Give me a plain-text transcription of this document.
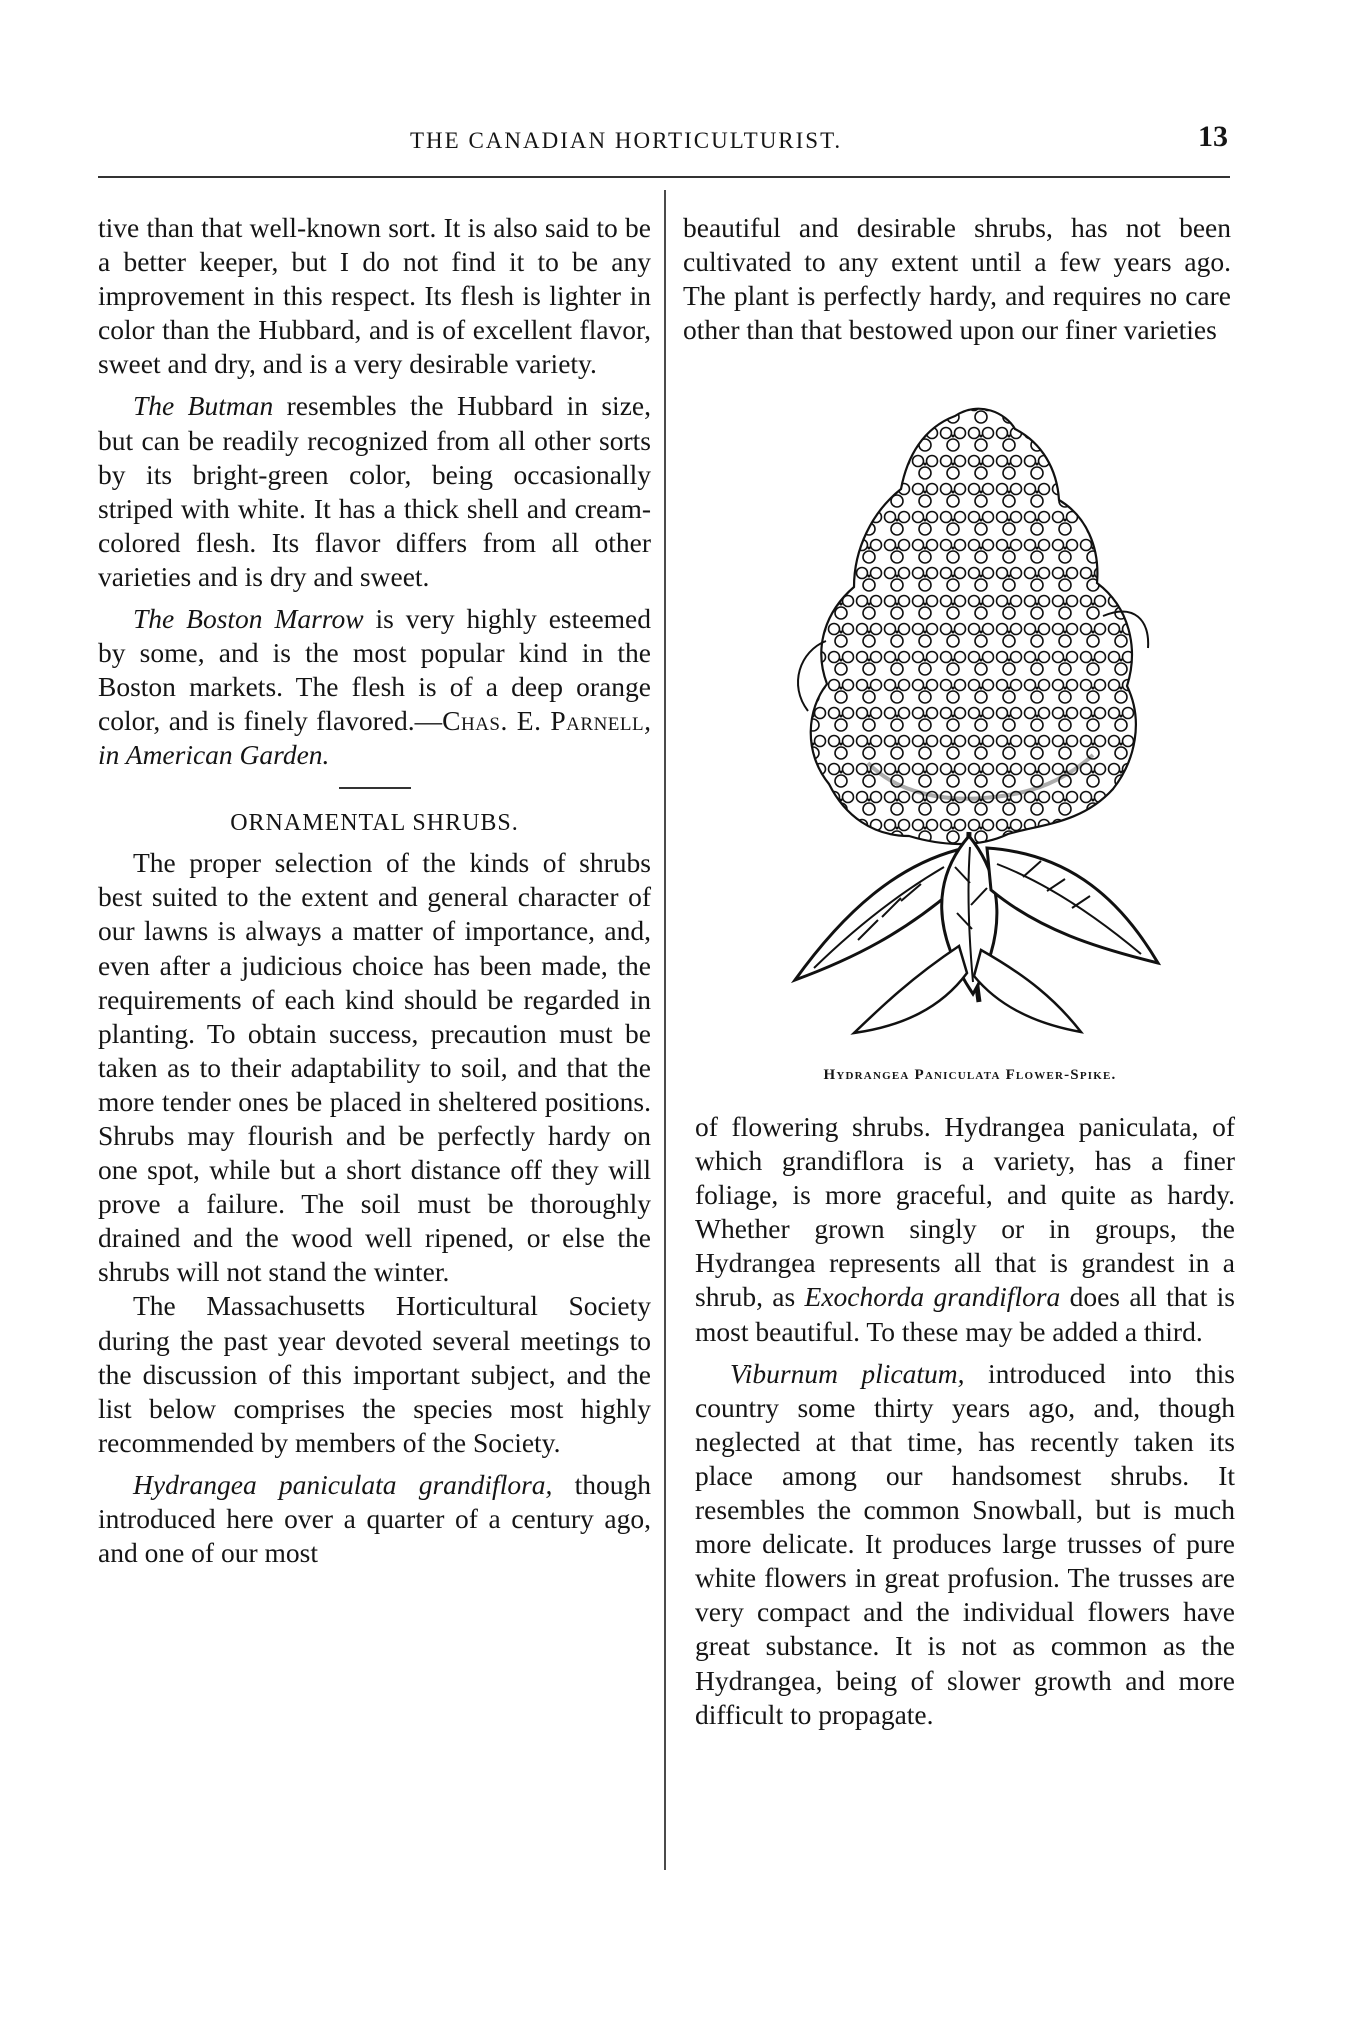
THE CANADIAN HORTICULTURIST.	13

tive than that well-known sort. It is also said to be a better keeper, but I do not find it to be any improvement in this respect. Its flesh is lighter in color than the Hubbard, and is of excellent flavor, sweet and dry, and is a very desirable variety.

The Butman resembles the Hubbard in size, but can be readily recognized from all other sorts by its bright-green color, being occasionally striped with white. It has a thick shell and cream-colored flesh. Its flavor differs from all other varieties and is dry and sweet.

The Boston Marrow is very highly esteemed by some, and is the most popular kind in the Boston markets. The flesh is of a deep orange color, and is finely flavored.—Chas. E. Parnell, in American Garden.

ORNAMENTAL SHRUBS.

The proper selection of the kinds of shrubs best suited to the extent and general character of our lawns is always a matter of importance, and, even after a judicious choice has been made, the requirements of each kind should be regarded in planting. To obtain success, precaution must be taken as to their adaptability to soil, and that the more tender ones be placed in sheltered positions. Shrubs may flourish and be perfectly hardy on one spot, while but a short distance off they will prove a failure. The soil must be thoroughly drained and the wood well ripened, or else the shrubs will not stand the winter.

The Massachusetts Horticultural Society during the past year devoted several meetings to the discussion of this important subject, and the list below comprises the species most highly recommended by members of the Society.

Hydrangea paniculata grandiflora, though introduced here over a quarter of a century ago, and one of our most

beautiful and desirable shrubs, has not been cultivated to any extent until a few years ago. The plant is perfectly hardy, and requires no care other than that bestowed upon our finer varieties

Hydrangea Paniculata Flower-Spike.

of flowering shrubs. Hydrangea paniculata, of which grandiflora is a variety, has a finer foliage, is more graceful, and quite as hardy. Whether grown singly or in groups, the Hydrangea represents all that is grandest in a shrub, as Exochorda grandiflora does all that is most beautiful. To these may be added a third.

Viburnum plicatum, introduced into this country some thirty years ago, and, though neglected at that time, has recently taken its place among our handsomest shrubs. It resembles the common Snowball, but is much more delicate. It produces large trusses of pure white flowers in great profusion. The trusses are very compact and the individual flowers have great substance. It is not as common as the Hydrangea, being of slower growth and more difficult to propagate.
